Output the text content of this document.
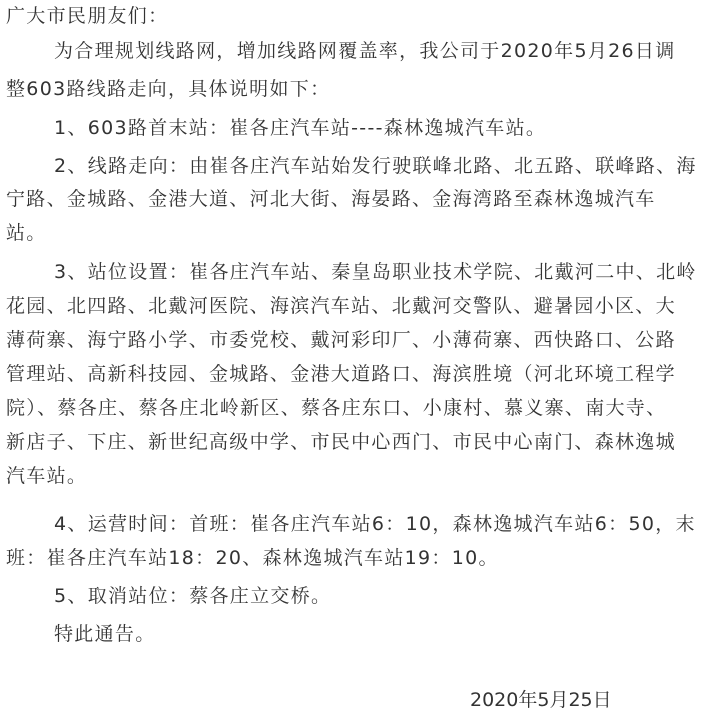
广大市民朋友们：
为合理规划线路网，增加线路网覆盖率，我公司于2020年5月26日调
整603路线路走向，具体说明如下：
1、603路首末站：崔各庄汽车站----森林逸城汽车站。
2、线路走向：由崔各庄汽车站始发行驶联峰北路、北五路、联峰路、海
宁路、金城路、金港大道、河北大街、海晏路、金海湾路至森林逸城汽车
站。
3、站位设置：崔各庄汽车站、秦皇岛职业技术学院、北戴河二中、北岭
花园、北四路、北戴河医院、海滨汽车站、北戴河交警队、避暑园小区、大
薄荷寨、海宁路小学、市委党校、戴河彩印厂、小薄荷寨、西快路口、公路
管理站、高新科技园、金城路、金港大道路口、海滨胜境（河北环境工程学
院）、蔡各庄、蔡各庄北岭新区、蔡各庄东口、小康村、慕义寨、南大寺、
新店子、下庄、新世纪高级中学、市民中心西门、市民中心南门、森林逸城
汽车站。
4、运营时间：首班：崔各庄汽车站6：10，森林逸城汽车站6：50，末
班：崔各庄汽车站18：20、森林逸城汽车站19：10。
5、取消站位：蔡各庄立交桥。
特此通告。
2020年5月25日
